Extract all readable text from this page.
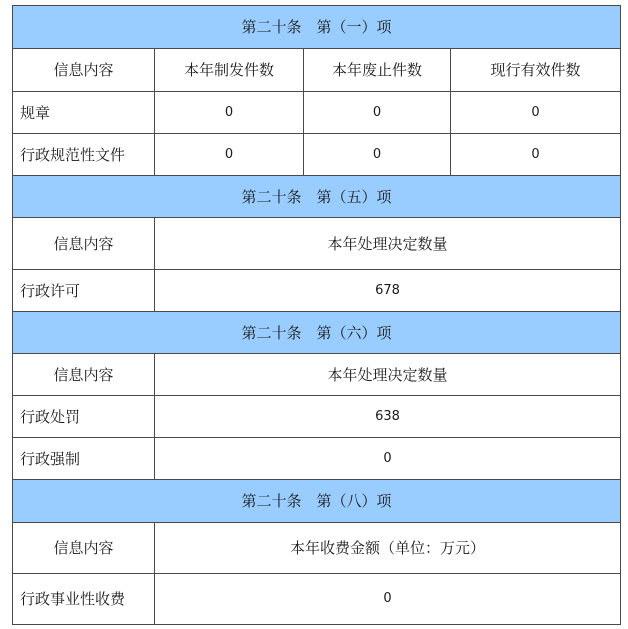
第二十条　第（一）项			
信息内容	本年制发件数	本年废止件数	现行有效件数
规章	0	0	0
行政规范性文件	0	0	0
第二十条　第（五）项			
信息内容	本年处理决定数量		
行政许可	678		
第二十条　第（六）项			
信息内容	本年处理决定数量		
行政处罚	638		
行政强制	0		
第二十条　第（八）项			
信息内容	本年收费金额（单位：万元）		
行政事业性收费	0		
